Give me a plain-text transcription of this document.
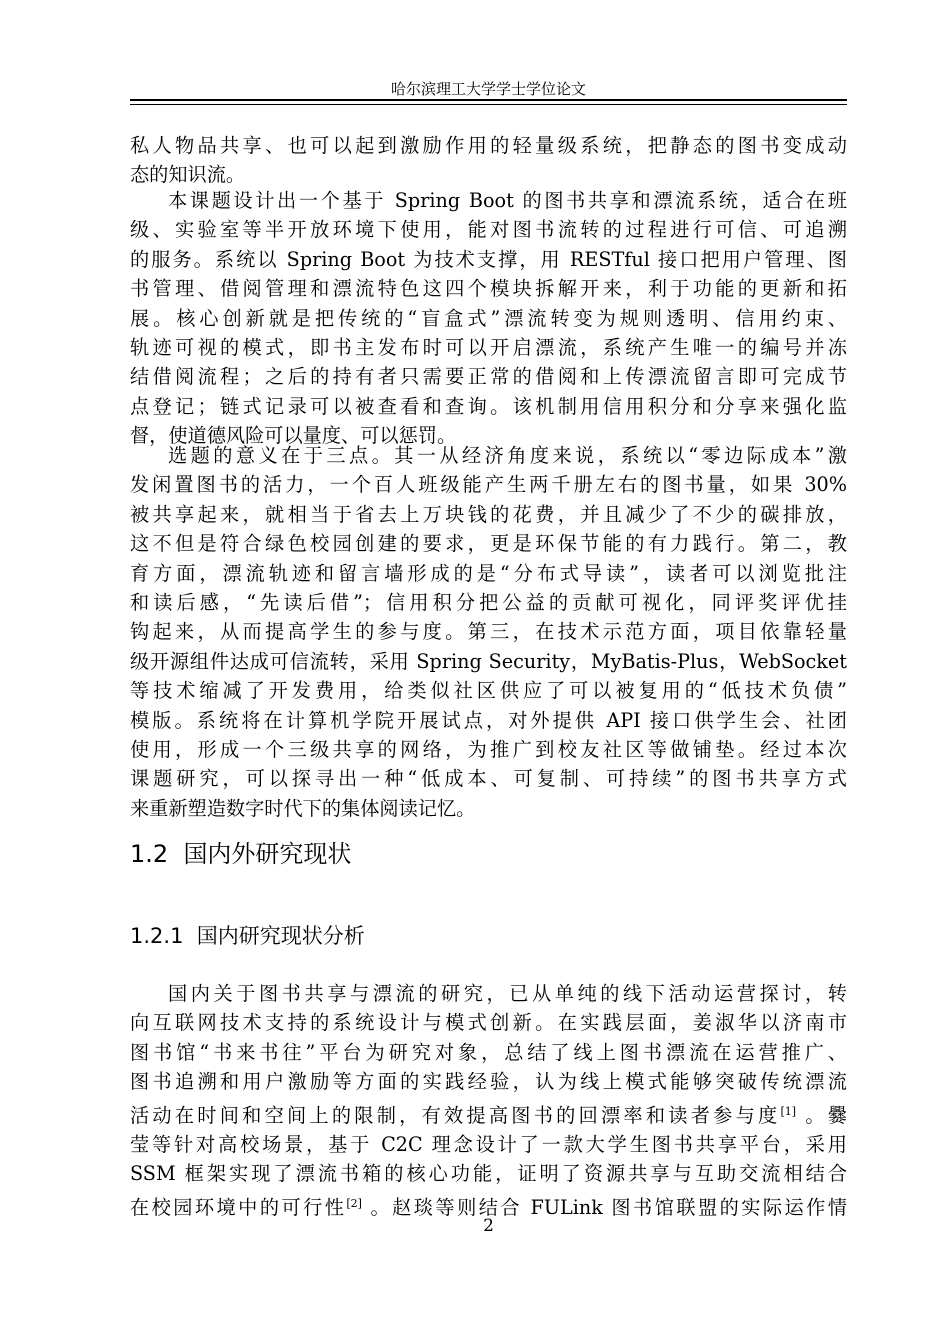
哈尔滨理工大学学士学位论文
私人物品共享、也可以起到激励作用的轻量级系统，把静态的图书变成动
态的知识流。
本课题设计出一个基于 Spring Boot 的图书共享和漂流系统，适合在班
级、实验室等半开放环境下使用，能对图书流转的过程进行可信、可追溯
的服务。系统以 Spring Boot 为技术支撑，用 RESTful 接口把用户管理、图
书管理、借阅管理和漂流特色这四个模块拆解开来，利于功能的更新和拓
展。核心创新就是把传统的“盲盒式”漂流转变为规则透明、信用约束、
轨迹可视的模式，即书主发布时可以开启漂流，系统产生唯一的编号并冻
结借阅流程；之后的持有者只需要正常的借阅和上传漂流留言即可完成节
点登记；链式记录可以被查看和查询。该机制用信用积分和分享来强化监
督，使道德风险可以量度、可以惩罚。
选题的意义在于三点。其一从经济角度来说，系统以“零边际成本”激
发闲置图书的活力，一个百人班级能产生两千册左右的图书量，如果 30%
被共享起来，就相当于省去上万块钱的花费，并且减少了不少的碳排放，
这不但是符合绿色校园创建的要求，更是环保节能的有力践行。第二，教
育方面，漂流轨迹和留言墙形成的是“分布式导读”，读者可以浏览批注
和读后感，“先读后借”；信用积分把公益的贡献可视化，同评奖评优挂
钩起来，从而提高学生的参与度。第三，在技术示范方面，项目依靠轻量
级开源组件达成可信流转，采用 Spring Security，MyBatis-Plus，WebSocket
等技术缩减了开发费用，给类似社区供应了可以被复用的“低技术负债”
模版。系统将在计算机学院开展试点，对外提供 API 接口供学生会、社团
使用，形成一个三级共享的网络，为推广到校友社区等做铺垫。经过本次
课题研究，可以探寻出一种“低成本、可复制、可持续”的图书共享方式
来重新塑造数字时代下的集体阅读记忆。
1.2 国内外研究现状
1.2.1 国内研究现状分析
国内关于图书共享与漂流的研究，已从单纯的线下活动运营探讨，转
向互联网技术支持的系统设计与模式创新。在实践层面，姜淑华以济南市
图书馆“书来书往”平台为研究对象，总结了线上图书漂流在运营推广、
图书追溯和用户激励等方面的实践经验，认为线上模式能够突破传统漂流
活动在时间和空间上的限制，有效提高图书的回漂率和读者参与度[1] 。爨
莹等针对高校场景，基于 C2C 理念设计了一款大学生图书共享平台，采用
SSM 框架实现了漂流书箱的核心功能，证明了资源共享与互助交流相结合
在校园环境中的可行性[2] 。赵琰等则结合 FULink 图书馆联盟的实际运作情
2
